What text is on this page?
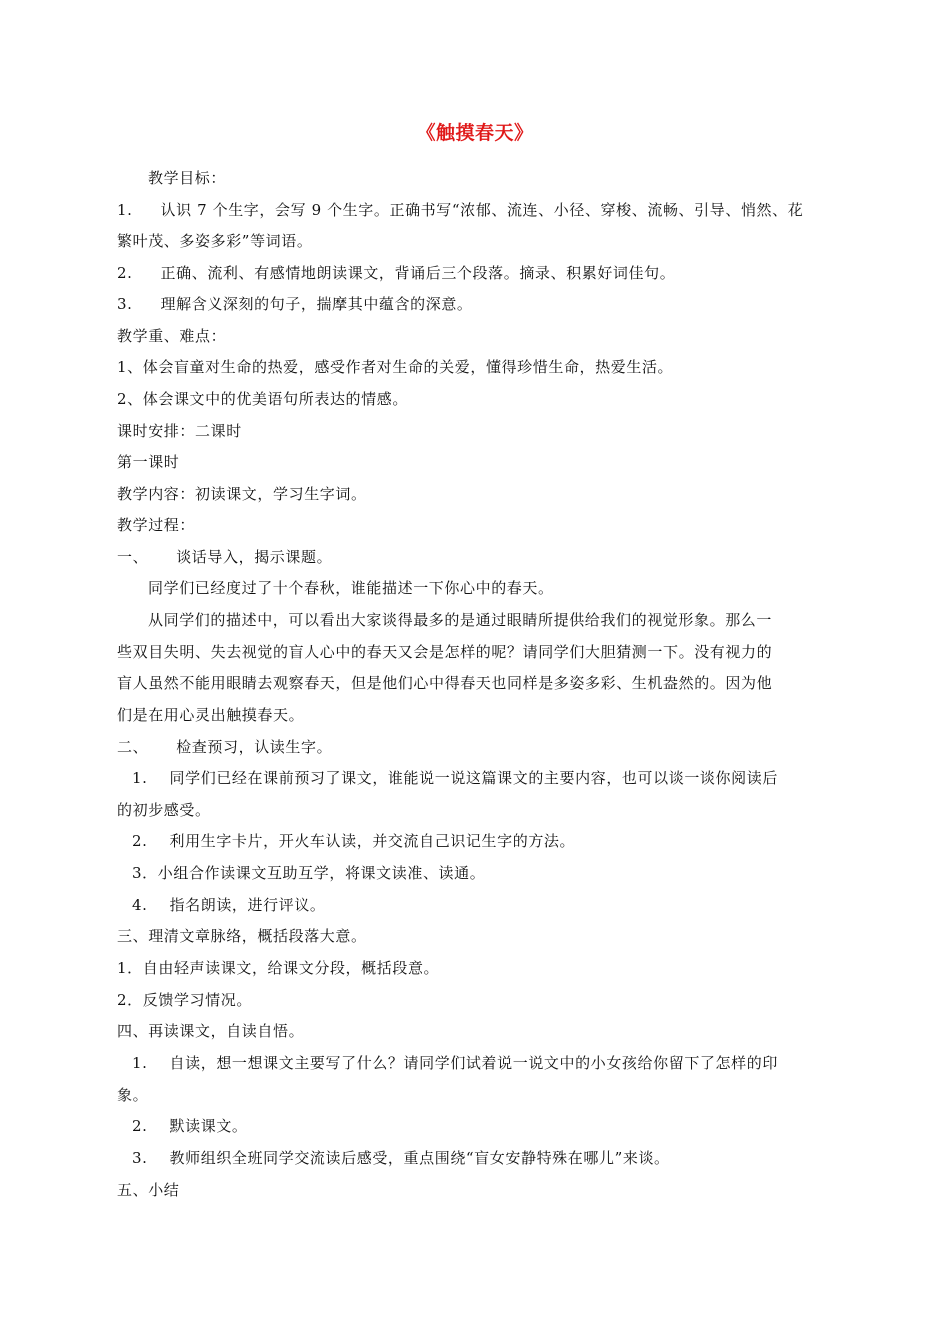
《触摸春天》
教学目标：
1. 认识 7 个生字，会写 9 个生字。正确书写“浓郁、流连、小径、穿梭、流畅、引导、悄然、花
繁叶茂、多姿多彩”等词语。
2. 正确、流利、有感情地朗读课文，背诵后三个段落。摘录、积累好词佳句。
3. 理解含义深刻的句子，揣摩其中蕴含的深意。
教学重、难点：
1、体会盲童对生命的热爱，感受作者对生命的关爱，懂得珍惜生命，热爱生活。
2、体会课文中的优美语句所表达的情感。
课时安排：二课时
第一课时
教学内容：初读课文，学习生字词。
教学过程：
一、 谈话导入，揭示课题。
同学们已经度过了十个春秋，谁能描述一下你心中的春天。
从同学们的描述中，可以看出大家谈得最多的是通过眼睛所提供给我们的视觉形象。那么一
些双目失明、失去视觉的盲人心中的春天又会是怎样的呢？请同学们大胆猜测一下。没有视力的
盲人虽然不能用眼睛去观察春天，但是他们心中得春天也同样是多姿多彩、生机盎然的。因为他
们是在用心灵出触摸春天。
二、 检查预习，认读生字。
1. 同学们已经在课前预习了课文，谁能说一说这篇课文的主要内容，也可以谈一谈你阅读后
的初步感受。
2. 利用生字卡片，开火车认读，并交流自己识记生字的方法。
3．小组合作读课文互助互学，将课文读准、读通。
4. 指名朗读，进行评议。
三、理清文章脉络，概括段落大意。
1．自由轻声读课文，给课文分段，概括段意。
2．反馈学习情况。
四、再读课文，自读自悟。
1. 自读，想一想课文主要写了什么？请同学们试着说一说文中的小女孩给你留下了怎样的印
象。
2. 默读课文。
3. 教师组织全班同学交流读后感受，重点围绕“盲女安静特殊在哪儿”来谈。
五、小结
